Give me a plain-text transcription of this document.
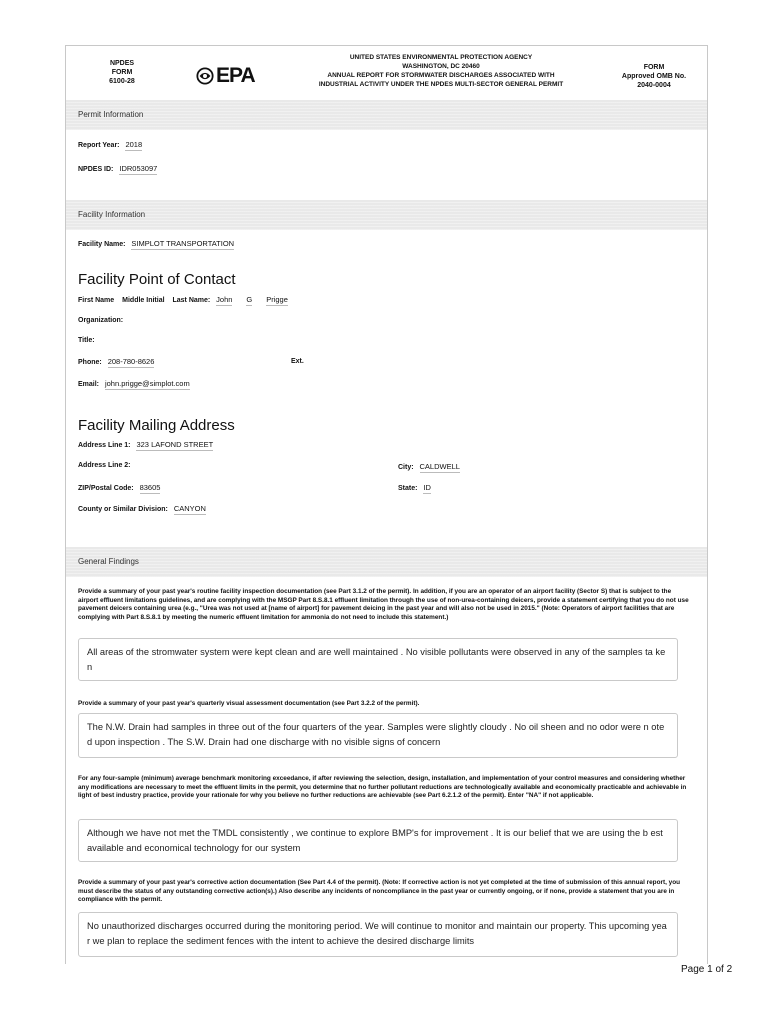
NPDES
FORM
6100-28	EPA
UNITED STATES ENVIRONMENTAL PROTECTION AGENCY
WASHINGTON, DC 20460
ANNUAL REPORT FOR STORMWATER DISCHARGES ASSOCIATED WITH
INDUSTRIAL ACTIVITY UNDER THE NPDES MULTI-SECTOR GENERAL PERMIT
FORM
Approved OMB No.
2040-0004
Permit Information
Report Year: 2018
NPDES ID: IDR053097
Facility Information
Facility Name: SIMPLOT TRANSPORTATION
Facility Point of Contact
First Name Middle Initial Last Name: John G Prigge
Organization:
Title:
Phone: 208-780-8626	Ext.
Email: john.prigge@simplot.com
Facility Mailing Address
Address Line 1: 323 LAFOND STREET
Address Line 2:	City: CALDWELL
ZIP/Postal Code: 83605	State: ID
County or Similar Division: CANYON
General Findings
Provide a summary of your past year's routine facility inspection documentation (see Part 3.1.2 of the permit). In addition, if you are an operator of an airport facility (Sector S) that is subject to the airport effluent limitations guidelines, and are complying with the MSGP Part 8.S.8.1 effluent limitation through the use of non-urea-containing deicers, provide a statement certifying that you do not use pavement deicers containing urea (e.g., "Urea was not used at [name of airport] for pavement deicing in the past year and will also not be used in 2015." (Note: Operators of airport facilities that are complying with Part 8.S.8.1 by meeting the numeric effluent limitation for ammonia do not need to include this statement.)
All areas of the stromwater system were kept clean and are well maintained . No visible pollutants were observed in any of the samples ta ken
Provide a summary of your past year's quarterly visual assessment documentation (see Part 3.2.2 of the permit).
The N.W. Drain had samples in three out of the four quarters of the year. Samples were slightly cloudy . No oil sheen and no odor were n oted upon inspection . The S.W. Drain had one discharge with no visible signs of concern
For any four-sample (minimum) average benchmark monitoring exceedance, if after reviewing the selection, design, installation, and implementation of your control measures and considering whether any modifications are necessary to meet the effluent limits in the permit, you determine that no further pollutant reductions are technologically available and economically practicable and achievable in light of best industry practice, provide your rationale for why you believe no further reductions are achievable (see Part 6.2.1.2 of the permit). Enter "NA" if not applicable.
Although we have not met the TMDL consistently , we continue to explore BMP's for improvement . It is our belief that we are using the b est available and economical technology for our system
Provide a summary of your past year's corrective action documentation (See Part 4.4 of the permit). (Note: If corrective action is not yet completed at the time of submission of this annual report, you must describe the status of any outstanding corrective action(s).) Also describe any incidents of noncompliance in the past year or currently ongoing, or if none, provide a statement that you are in compliance with the permit.
No unauthorized discharges occurred during the monitoring period. We will continue to monitor and maintain our property. This upcoming year we plan to replace the sediment fences with the intent to achieve the desired discharge limits
Page 1 of 2
